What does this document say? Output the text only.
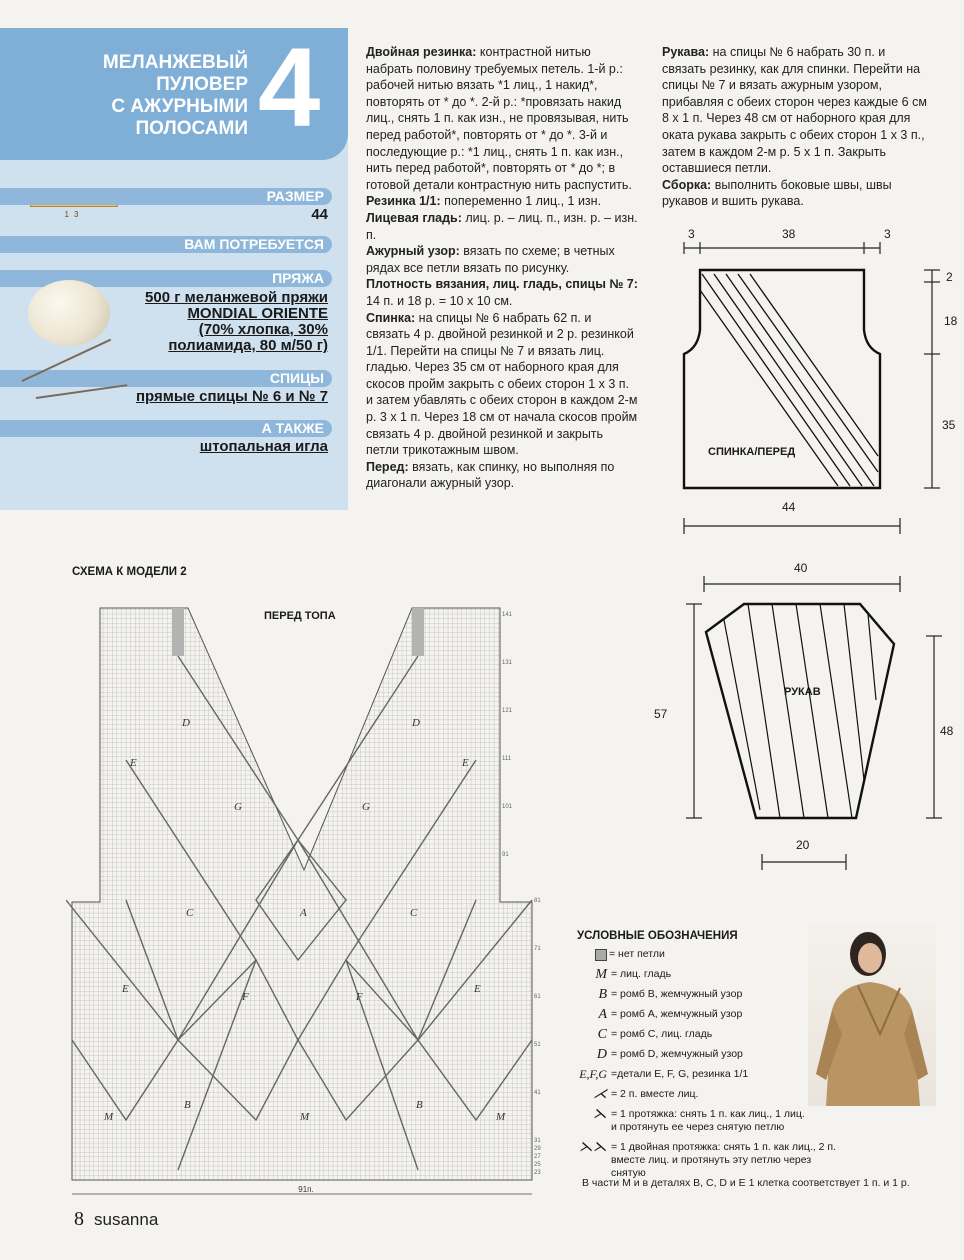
МЕЛАНЖЕВЫЙ
ПУЛОВЕР
С АЖУРНЫМИ
ПОЛОСАМИ 4
13
РАЗМЕР
44
ВАМ ПОТРЕБУЕТСЯ
ПРЯЖА
500 г меланжевой пряжи
MONDIAL ORIENTE
(70% хлопка, 30%
полиамида, 80 м/50 г)
СПИЦЫ
прямые спицы № 6 и № 7
А ТАКЖЕ
штопальная игла

Двойная резинка: контрастной нитью набрать половину требуемых петель. 1-й р.: рабочей нитью вязать *1 лиц., 1 накид*, повторять от * до *. 2-й р.: *провязать накид лиц., снять 1 п. как изн., не провязывая, нить перед работой*, повторять от * до *. 3-й и последующие р.: *1 лиц., снять 1 п. как изн., нить перед работой*, повторять от * до *; в готовой детали контрастную нить распустить.

Резинка 1/1: попеременно 1 лиц., 1 изн.

Лицевая гладь: лиц. р. – лиц. п., изн. р. – изн. п.

Ажурный узор: вязать по схеме; в четных рядах все петли вязать по рисунку.

Плотность вязания, лиц. гладь, спицы № 7: 14 п. и 18 р. = 10 х 10 см.

Спинка: на спицы № 6 набрать 62 п. и связать 4 р. двойной резинкой и 2 р. резинкой 1/1. Перейти на спицы № 7 и вязать лиц. гладью. Через 35 см от наборного края для скосов пройм закрыть с обеих сторон 1 х 3 п. и затем убавлять с обеих сторон в каждом 2-м р. 3 х 1 п. Через 18 см от начала скосов пройм связать 4 р. двойной резинкой и закрыть петли трикотажным швом.

Перед: вязать, как спинку, но выполняя по диагонали ажурный узор.

Рукава: на спицы № 6 набрать 30 п. и связать резинку, как для спинки. Перейти на спицы № 7 и вязать ажурным узором, прибавляя с обеих сторон через каждые 6 см 8 х 1 п. Через 48 см от наборного края для оката рукава закрыть с обеих сторон 1 х 3 п., затем в каждом 2-м р. 5 х 1 п. Закрыть оставшиеся петли.

Сборка: выполнить боковые швы, швы рукавов и вшить рукава.

3	38	3
2
18
35
44
СПИНКА/ПЕРЕД
40
57
48
20
РУКАВ
СХЕМА К МОДЕЛИ 2
ПЕРЕД ТОПА
D	D
E	E
G	G
C	A	C
E
F	F
E
M
B
M
B
M
141
131
121
111
101
91
81
71
61
51
41
31
29
27
25
23
91п.
УСЛОВНЫЕ ОБОЗНАЧЕНИЯ
= нет петли
M = лиц. гладь
B = ромб B, жемчужный узор
A = ромб A, жемчужный узор
C = ромб C, лиц. гладь
D = ромб D, жемчужный узор
E,F,G =детали E, F, G, резинка 1/1
⋌ = 2 п. вместе лиц.
⋋ = 1 протяжка: снять 1 п. как лиц., 1 лиц. и протянуть ее через снятую петлю
⋋⋋ = 1 двойная протяжка: снять 1 п. как лиц., 2 п. вместе лиц. и протянуть эту петлю через снятую
В части M и в деталях B, C, D и E 1 клетка соответствует 1 п. и 1 р.
8 susanna
